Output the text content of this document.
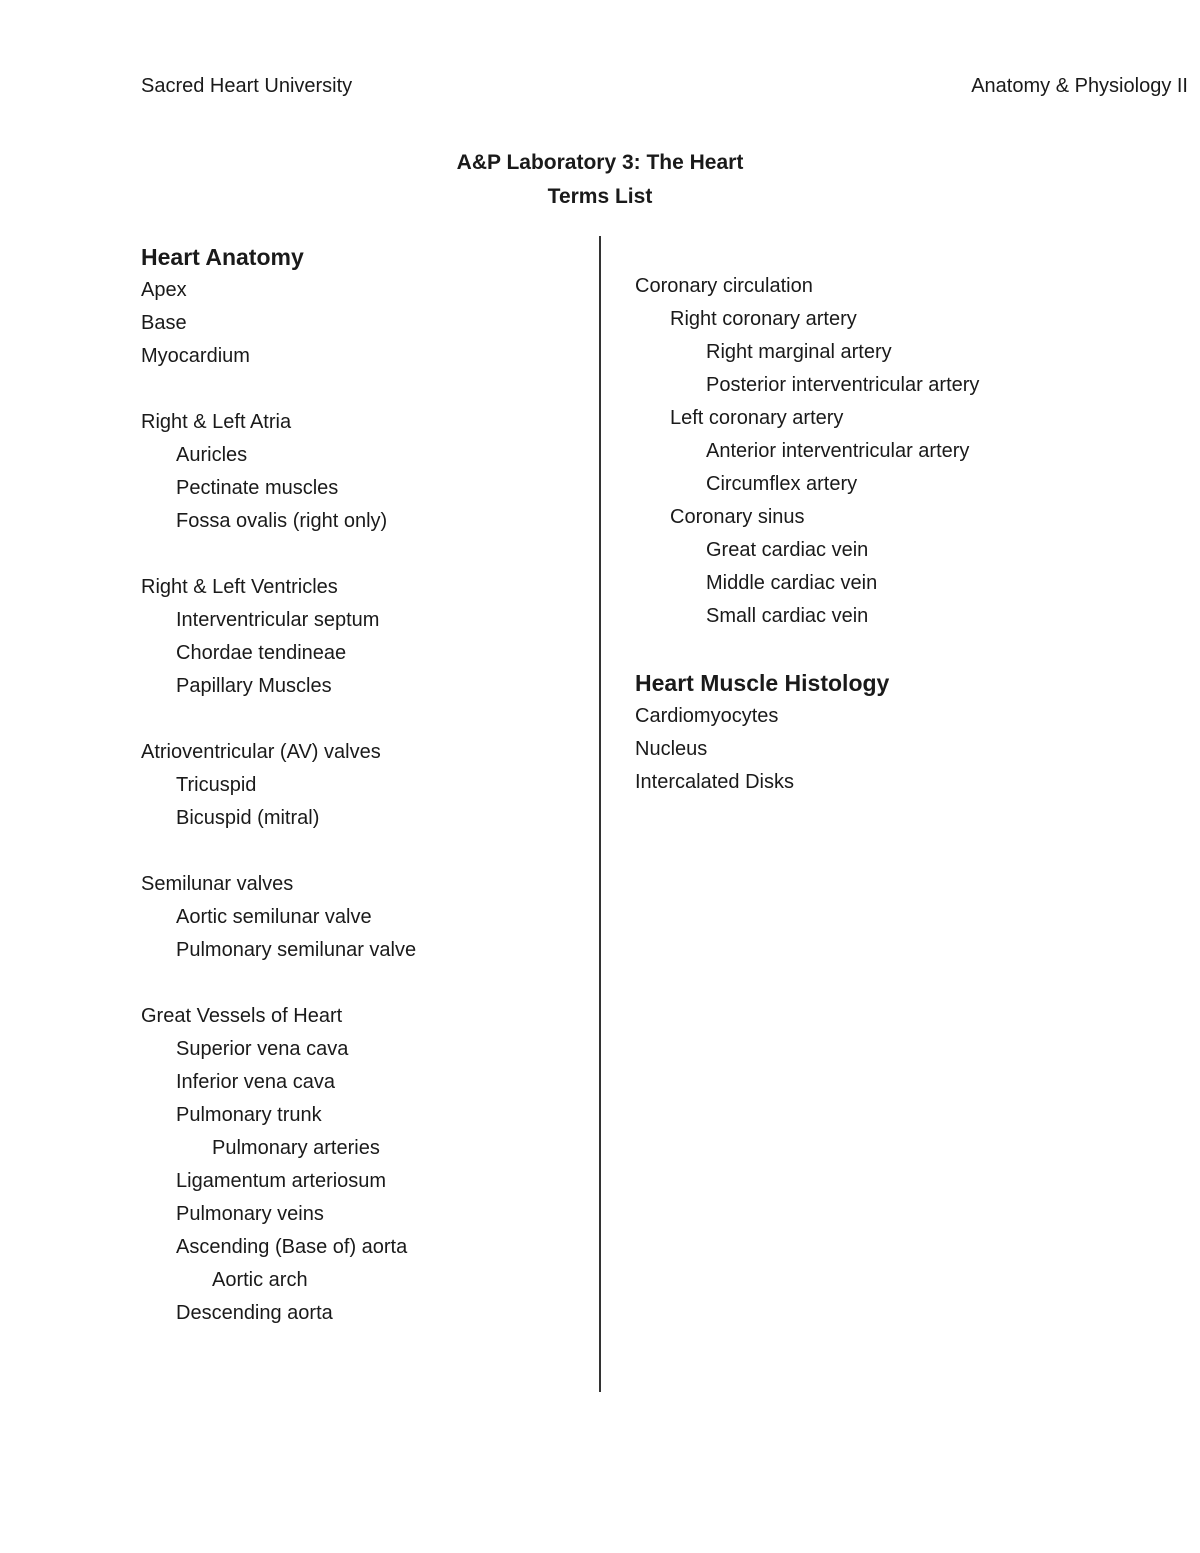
Sacred Heart University	Anatomy & Physiology II
A&P Laboratory 3: The Heart
Terms List
Heart Anatomy
Apex
Base
Myocardium
Right & Left Atria
Auricles
Pectinate muscles
Fossa ovalis (right only)
Right & Left Ventricles
Interventricular septum
Chordae tendineae
Papillary Muscles
Atrioventricular (AV) valves
Tricuspid
Bicuspid (mitral)
Semilunar valves
Aortic semilunar valve
Pulmonary semilunar valve
Great Vessels of Heart
Superior vena cava
Inferior vena cava
Pulmonary trunk
Pulmonary arteries
Ligamentum arteriosum
Pulmonary veins
Ascending (Base of) aorta
Aortic arch
Descending aorta
Coronary circulation
Right coronary artery
Right marginal artery
Posterior interventricular artery
Left coronary artery
Anterior interventricular artery
Circumflex artery
Coronary sinus
Great cardiac vein
Middle cardiac vein
Small cardiac vein
Heart Muscle Histology
Cardiomyocytes
Nucleus
Intercalated Disks
